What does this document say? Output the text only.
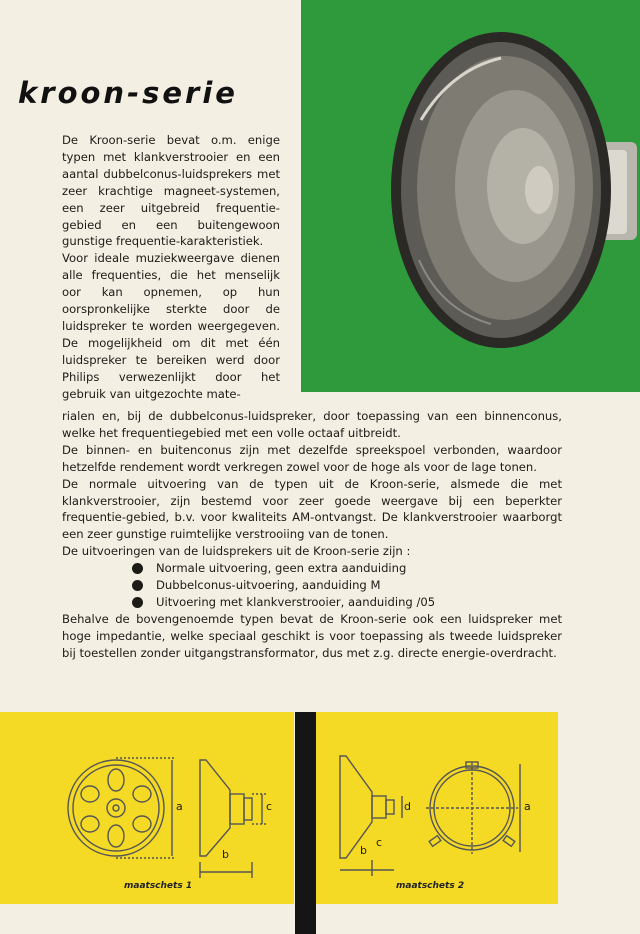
kroon-serie

De Kroon-serie bevat o.m. enige typen met klankverstrooier en een aantal dubbelconus-luidsprekers met zeer krachtige magneet-systemen, een zeer uitgebreid frequentie-gebied en een buitengewoon gunstige frequentie-karakteristiek.

Voor ideale muziekweergave dienen alle frequenties, die het menselijk oor kan opnemen, op hun oorspronkelijke sterkte door de luidspreker te worden weergegeven. De mogelijkheid om dit met één luidspreker te bereiken werd door Philips verwezenlijkt door het gebruik van uitgezochte mate-

rialen en, bij de dubbelconus-luidspreker, door toepassing van een binnenconus, welke het frequentiegebied met een volle octaaf uitbreidt.

De binnen- en buitenconus zijn met dezelfde spreekspoel verbonden, waardoor hetzelfde rendement wordt verkregen zowel voor de hoge als voor de lage tonen.

De normale uitvoering van de typen uit de Kroon-serie, alsmede die met klankverstrooier, zijn bestemd voor zeer goede weergave bij een beperkter frequentie-gebied, b.v. voor kwaliteits AM-ontvangst. De klankverstrooier waarborgt een zeer gunstige ruimtelijke verstrooiing van de tonen.

De uitvoeringen van de luidsprekers uit de Kroon-serie zijn :

Normale uitvoering, geen extra aanduiding
Dubbelconus-uitvoering, aanduiding M
Uitvoering met klankverstrooier, aanduiding /05

Behalve de bovengenoemde typen bevat de Kroon-serie ook een luidspreker met hoge impedantie, welke speciaal geschikt is voor toepassing als tweede luidspreker bij toestellen zonder uitgangstransformator, dus met z.g. directe energie-overdracht.

a
b
c
maatschets 1
b
c
d	a
maatschets 2
